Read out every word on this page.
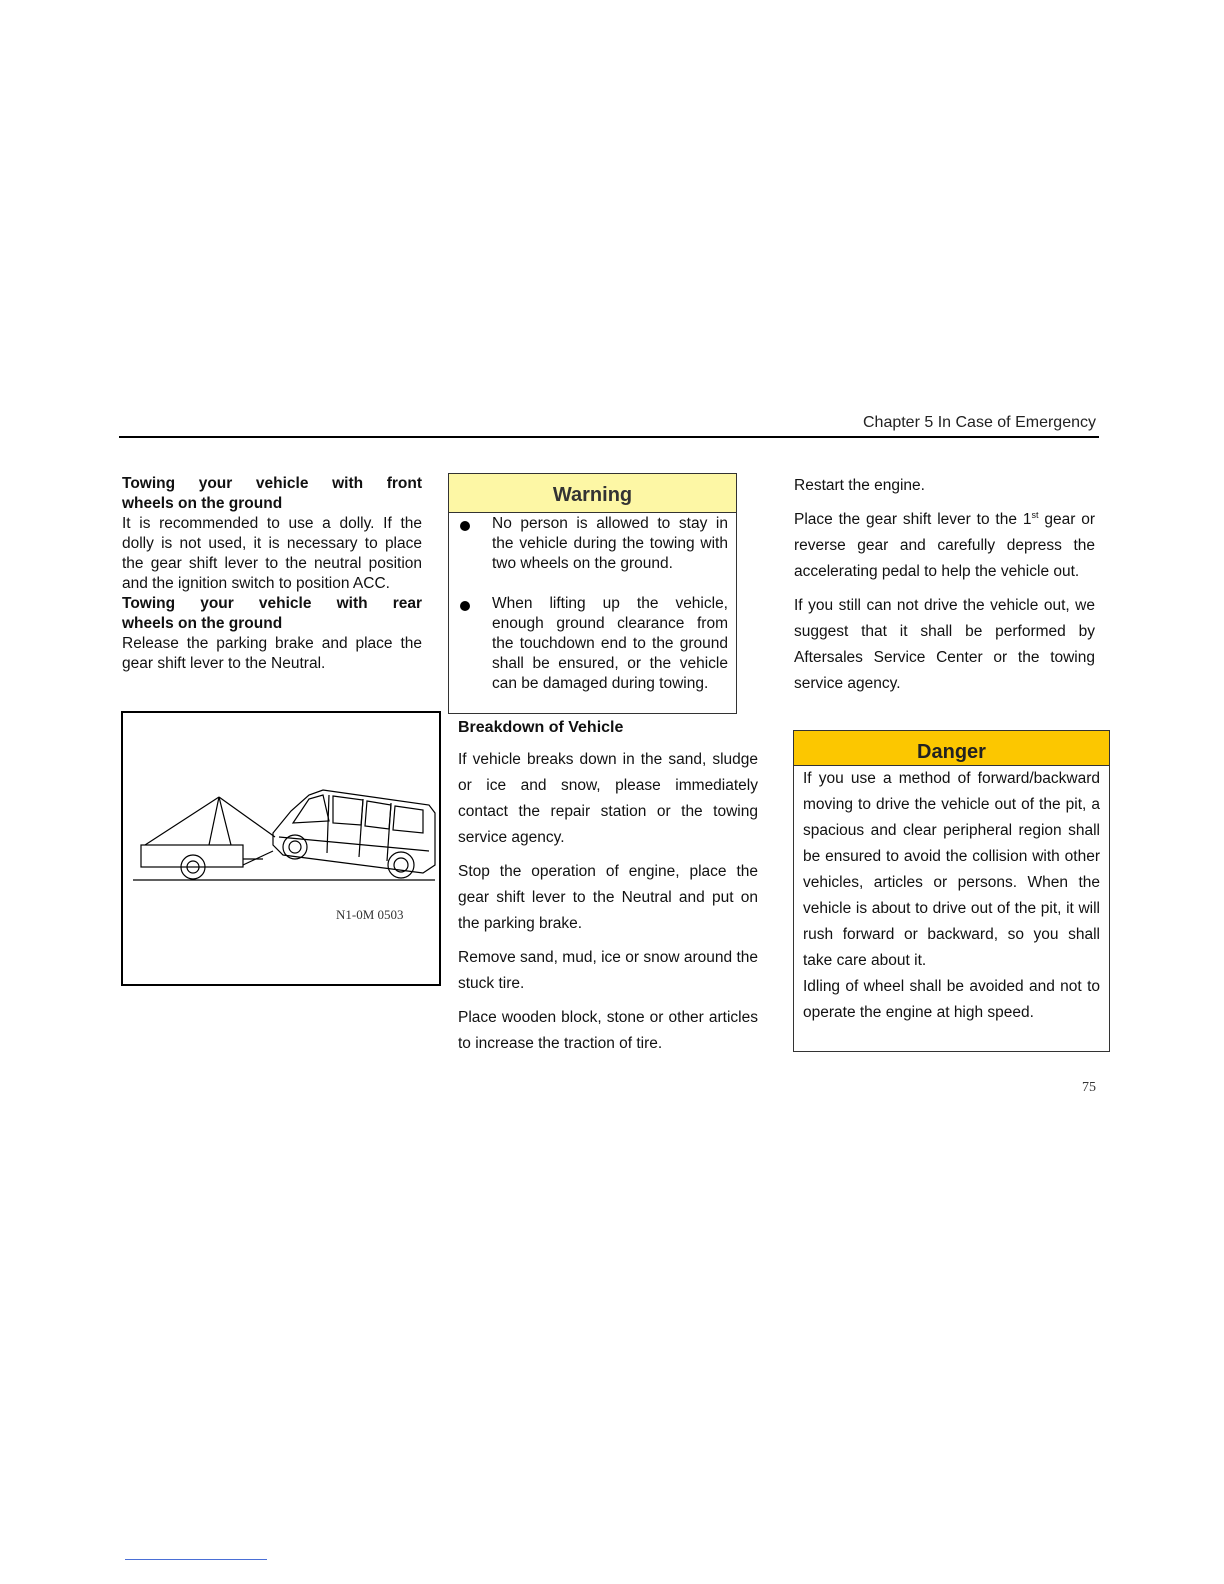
Chapter 5 In Case of Emergency
Towing your vehicle with front
wheels on the ground
It is recommended to use a dolly. If the dolly is not used, it is necessary to place the gear shift lever to the neutral position and the ignition switch to position ACC.
Towing your vehicle with rear
wheels on the ground
Release the parking brake and place the gear shift lever to the Neutral.
N1-0M 0503
Warning
No person is allowed to stay in the vehicle during the towing with two wheels on the ground.
When lifting up the vehicle, enough ground clearance from the touchdown end to the ground shall be ensured, or the vehicle can be damaged during towing.
Breakdown of Vehicle
If vehicle breaks down in the sand, sludge or ice and snow, please immediately contact the repair station or the towing service agency.
Stop the operation of engine, place the gear shift lever to the Neutral and put on the parking brake.
Remove sand, mud, ice or snow around the stuck tire.
Place wooden block, stone or other articles to increase the traction of tire.
Restart the engine.
Place the gear shift lever to the 1st gear or reverse gear and carefully depress the accelerating pedal to help the vehicle out.
If you still can not drive the vehicle out, we suggest that it shall be performed by Aftersales Service Center or the towing service agency.
Danger
If you use a method of forward/backward moving to drive the vehicle out of the pit, a spacious and clear peripheral region shall be ensured to avoid the collision with other vehicles, articles or persons. When the vehicle is about to drive out of the pit, it will rush forward or backward, so you shall take care about it.
Idling of wheel shall be avoided and not to operate the engine at high speed.
75
